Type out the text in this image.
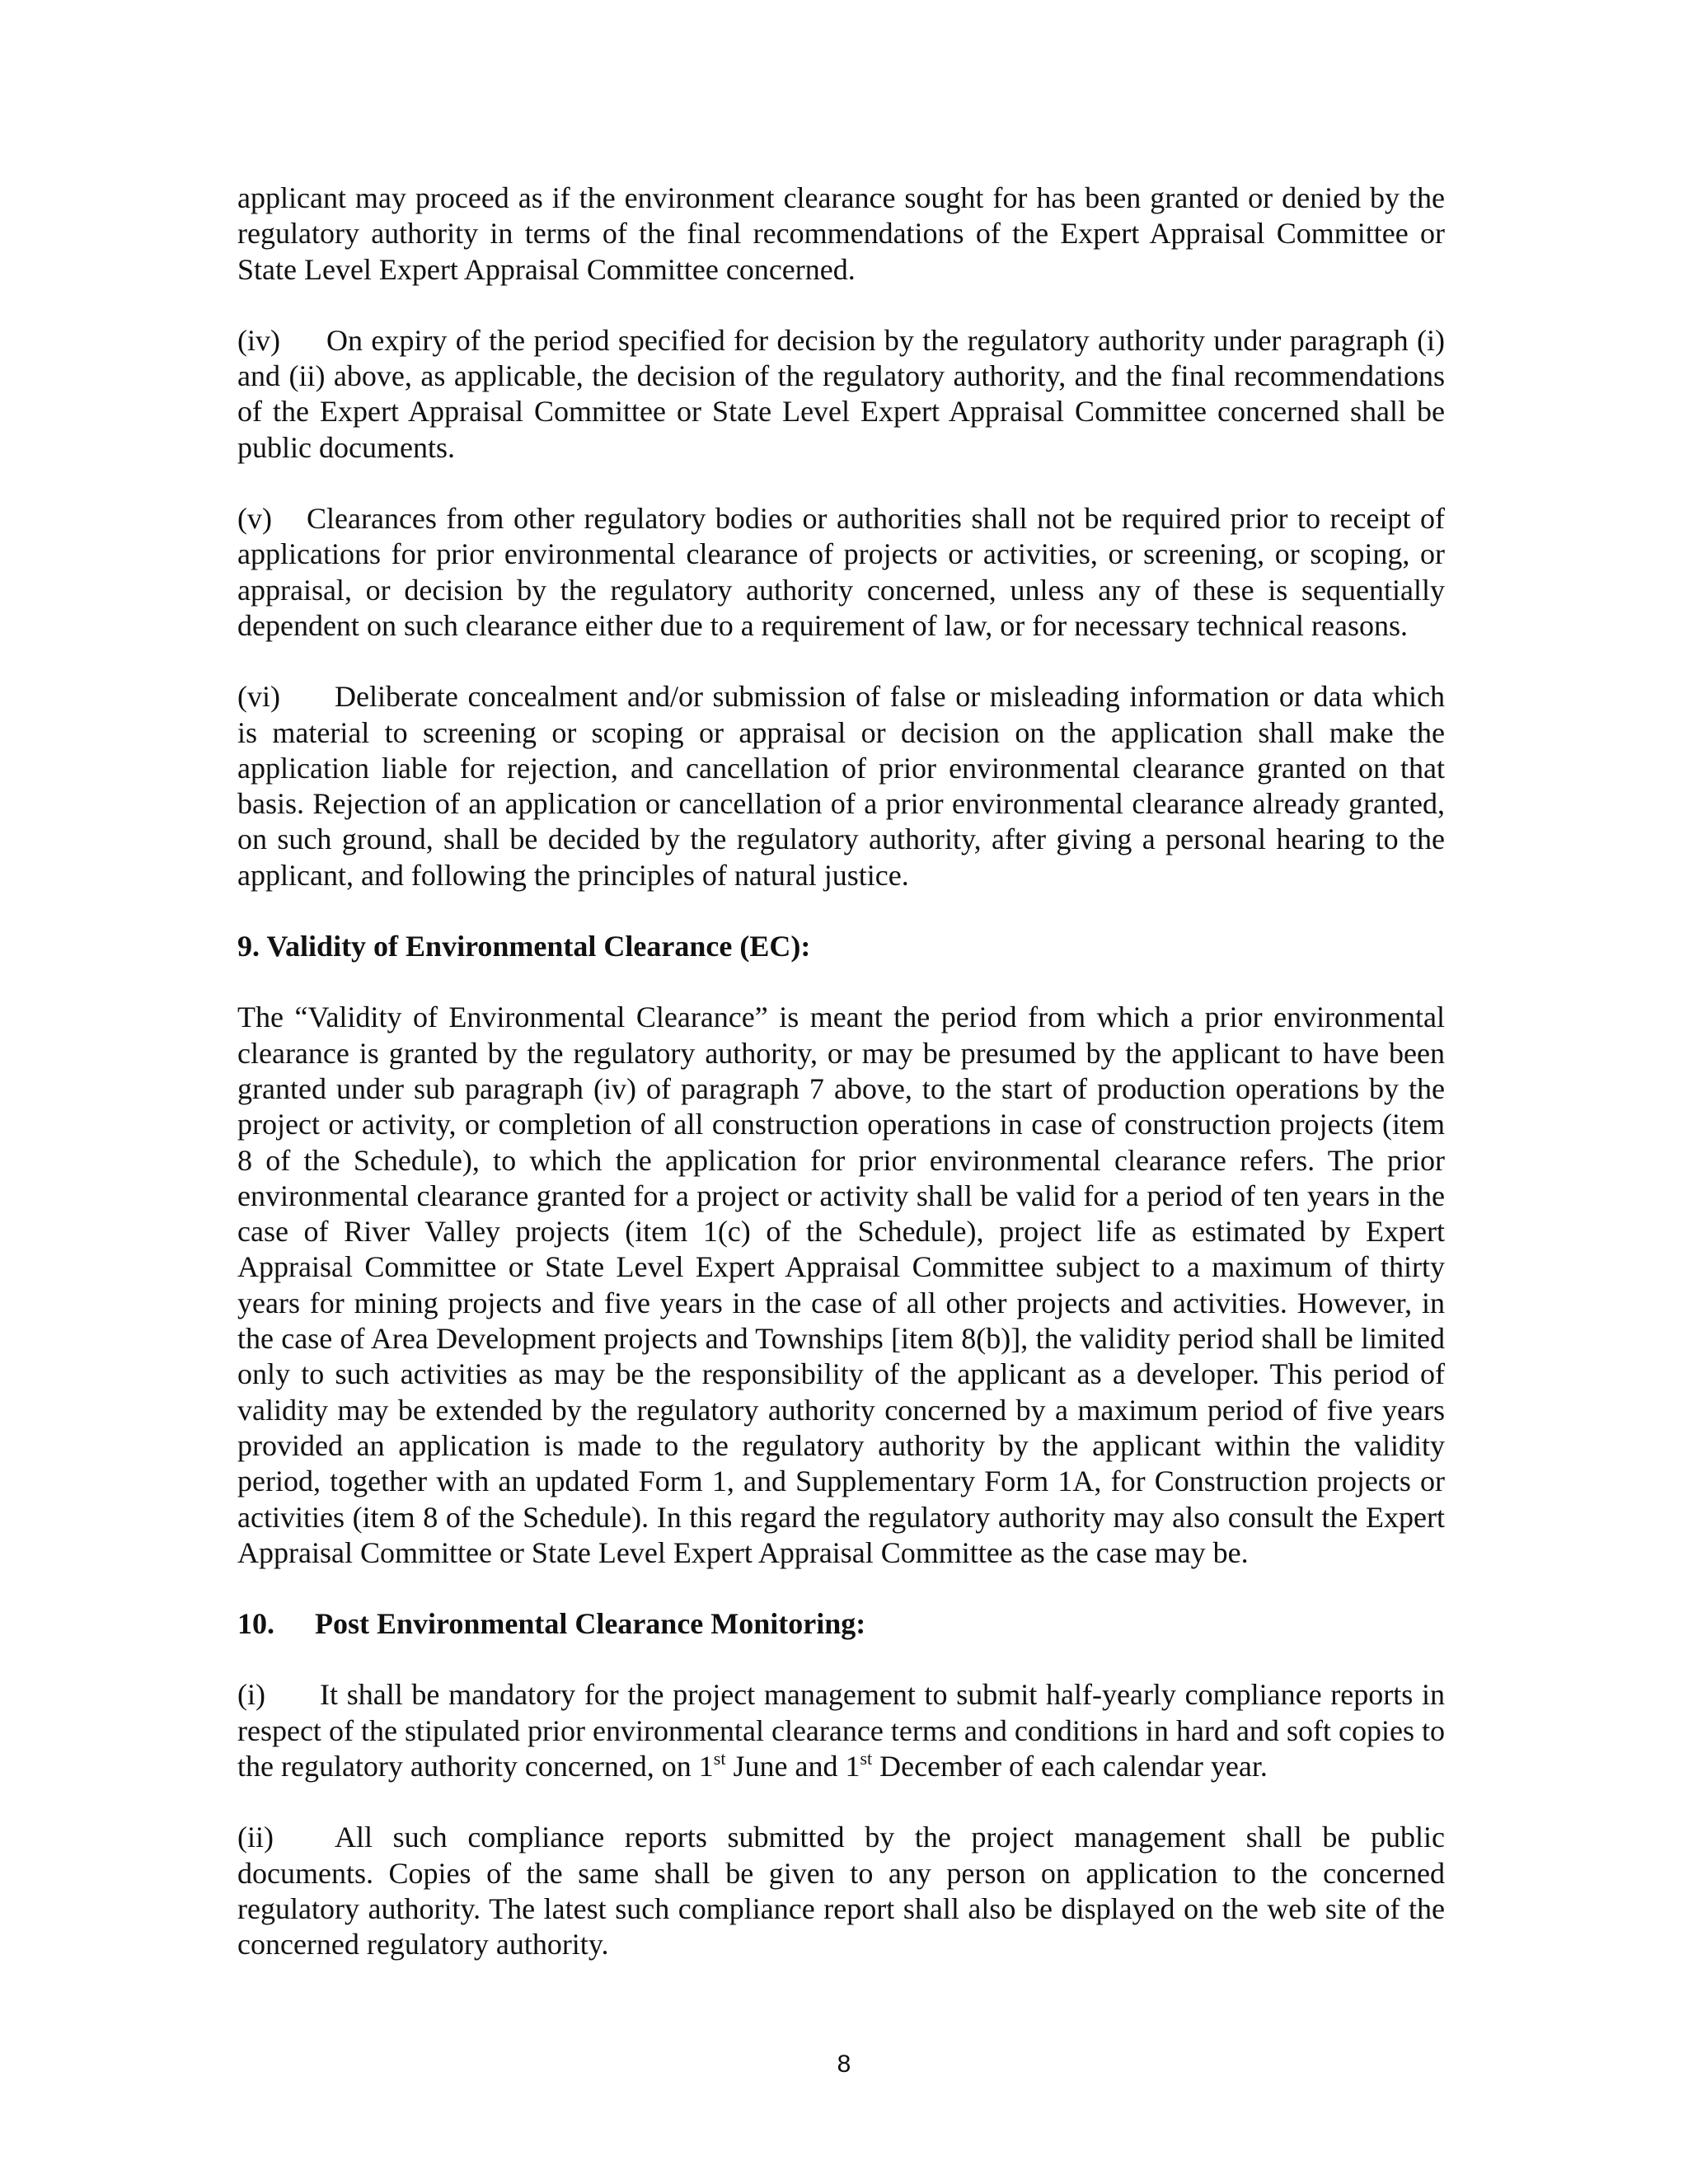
applicant may proceed as if the environment clearance sought for has been granted or denied by the regulatory authority in terms of the final recommendations of the Expert Appraisal Committee or State Level Expert Appraisal Committee concerned.

(iv) On expiry of the period specified for decision by the regulatory authority under paragraph (i) and (ii) above, as applicable, the decision of the regulatory authority, and the final recommendations of the Expert Appraisal Committee or State Level Expert Appraisal Committee concerned shall be public documents.

(v) Clearances from other regulatory bodies or authorities shall not be required prior to receipt of applications for prior environmental clearance of projects or activities, or screening, or scoping, or appraisal, or decision by the regulatory authority concerned, unless any of these is sequentially dependent on such clearance either due to a requirement of law, or for necessary technical reasons.

(vi) Deliberate concealment and/or submission of false or misleading information or data which is material to screening or scoping or appraisal or decision on the application shall make the application liable for rejection, and cancellation of prior environmental clearance granted on that basis. Rejection of an application or cancellation of a prior environmental clearance already granted, on such ground, shall be decided by the regulatory authority, after giving a personal hearing to the applicant, and following the principles of natural justice.

9. Validity of Environmental Clearance (EC):

The “Validity of Environmental Clearance” is meant the period from which a prior environmental clearance is granted by the regulatory authority, or may be presumed by the applicant to have been granted under sub paragraph (iv) of paragraph 7 above, to the start of production operations by the project or activity, or completion of all construction operations in case of construction projects (item 8 of the Schedule), to which the application for prior environmental clearance refers. The prior environmental clearance granted for a project or activity shall be valid for a period of ten years in the case of River Valley projects (item 1(c) of the Schedule), project life as estimated by Expert Appraisal Committee or State Level Expert Appraisal Committee subject to a maximum of thirty years for mining projects and five years in the case of all other projects and activities. However, in the case of Area Development projects and Townships [item 8(b)], the validity period shall be limited only to such activities as may be the responsibility of the applicant as a developer. This period of validity may be extended by the regulatory authority concerned by a maximum period of five years provided an application is made to the regulatory authority by the applicant within the validity period, together with an updated Form 1, and Supplementary Form 1A, for Construction projects or activities (item 8 of the Schedule). In this regard the regulatory authority may also consult the Expert Appraisal Committee or State Level Expert Appraisal Committee as the case may be.

10. Post Environmental Clearance Monitoring:

(i) It shall be mandatory for the project management to submit half-yearly compliance reports in respect of the stipulated prior environmental clearance terms and conditions in hard and soft copies to the regulatory authority concerned, on 1st June and 1st December of each calendar year.

(ii) All such compliance reports submitted by the project management shall be public documents. Copies of the same shall be given to any person on application to the concerned regulatory authority. The latest such compliance report shall also be displayed on the web site of the concerned regulatory authority.

8
